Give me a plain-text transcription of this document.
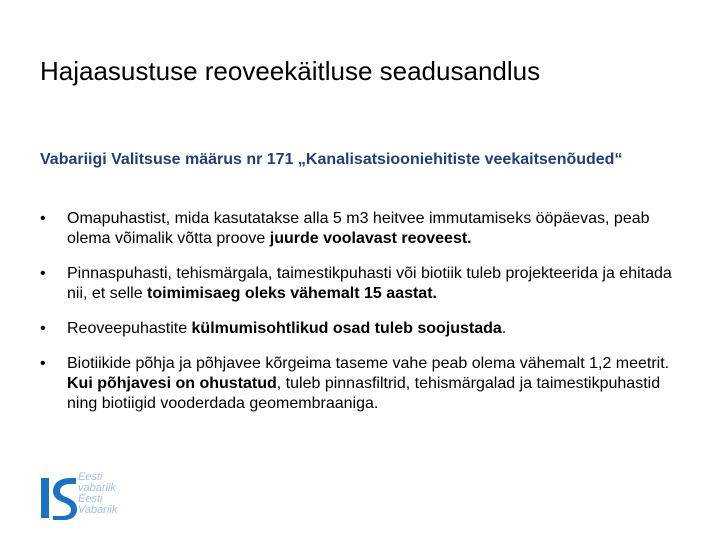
Hajaasustuse reoveekäitluse seadusandlus
Vabariigi Valitsuse määrus nr 171 „Kanalisatsiooniehitiste veekaitsenõuded“
• Omapuhastist, mida kasutatakse alla 5 m3 heitvee immutamiseks ööpäevas, peab olema võimalik võtta proove juurde voolavast reoveest.
• Pinnaspuhasti, tehismärgala, taimestikpuhasti või biotiik tuleb projekteerida ja ehitada nii, et selle toimimisaeg oleks vähemalt 15 aastat.
• Reoveepuhastite külmumisohtlikud osad tuleb soojustada.
• Biotiikide põhja ja põhjavee kõrgeima taseme vahe peab olema vähemalt 1,2 meetrit. Kui põhjavesi on ohustatud, tuleb pinnasfiltrid, tehismärgalad ja taimestikpuhastid ning biotiigid vooderdada geomembraaniga.
Eesti
vabariik
Eesti
Vabariik
